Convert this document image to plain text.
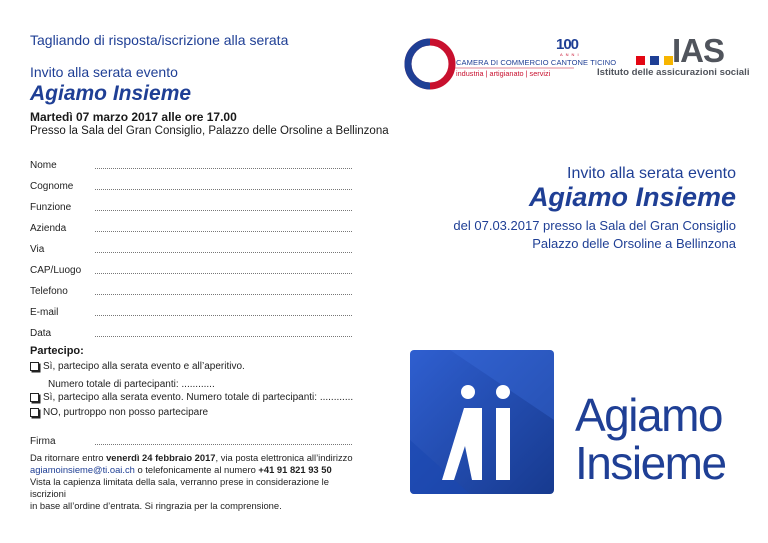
Tagliando di risposta/iscrizione alla serata
Invito alla serata evento
Agiamo Insieme
Martedì 07 marzo 2017 alle ore 17.00
Presso la Sala del Gran Consiglio, Palazzo delle Orsoline a Bellinzona
Nome
Cognome
Funzione
Azienda
Via
CAP/Luogo
Telefono
E-mail
Data
Partecipo:
Sì, partecipo alla serata evento e all’aperitivo.
Numero totale di partecipanti: ............
Sì, partecipo alla serata evento. Numero totale di partecipanti: ............
NO, purtroppo non posso partecipare
Firma
Da ritornare entro venerdì 24 febbraio 2017, via posta elettronica all’indirizzo
agiamoinsieme@ti.oai.ch o telefonicamente al numero +41 91 821 93 50
Vista la capienza limitata della sala, verranno prese in considerazione le iscrizioni
in base all’ordine d’entrata. Si ringrazia per la comprensione.
CAMERA DI COMMERCIO CANTONE TICINO
industria | artigianato | servizi
100
ANNI	IAS
Istituto delle assicurazioni sociali
Invito alla serata evento
Agiamo Insieme
del 07.03.2017 presso la Sala del Gran Consiglio
Palazzo delle Orsoline a Bellinzona
Agiamo
Insieme
